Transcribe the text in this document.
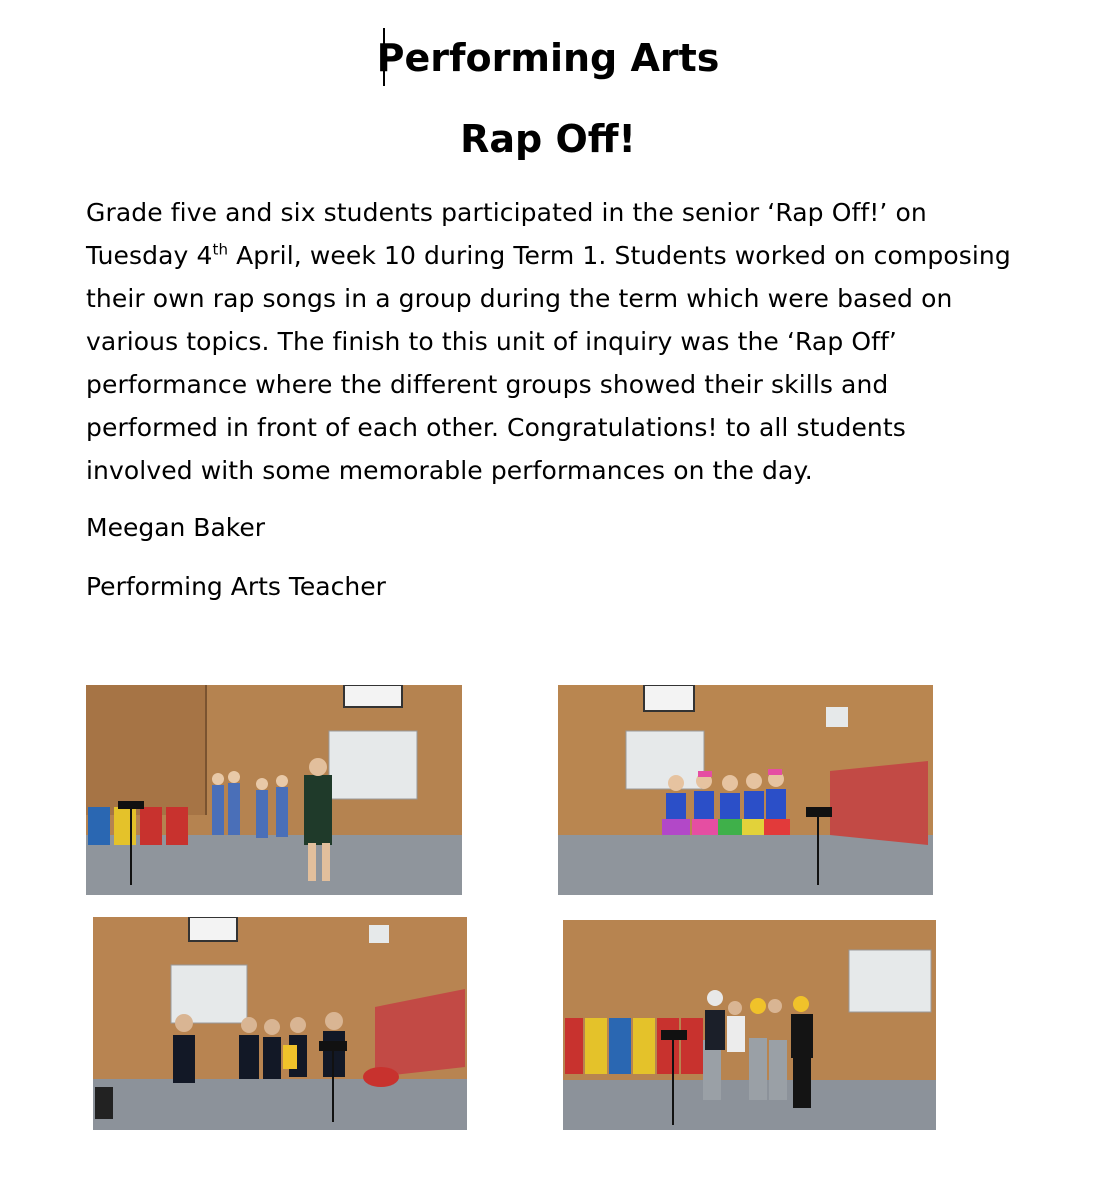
Performing Arts
Rap Off!

Grade five and six students participated in the senior ‘Rap Off!’ on Tuesday 4th April, week 10 during Term 1. Students worked on composing their own rap songs in a group during the term which were based on various topics. The finish to this unit of inquiry was the ‘Rap Off’ performance where the different groups showed their skills and performed in front of each other. Congratulations! to all students involved with some memorable performances on the day.

Meegan Baker

Performing Arts Teacher
